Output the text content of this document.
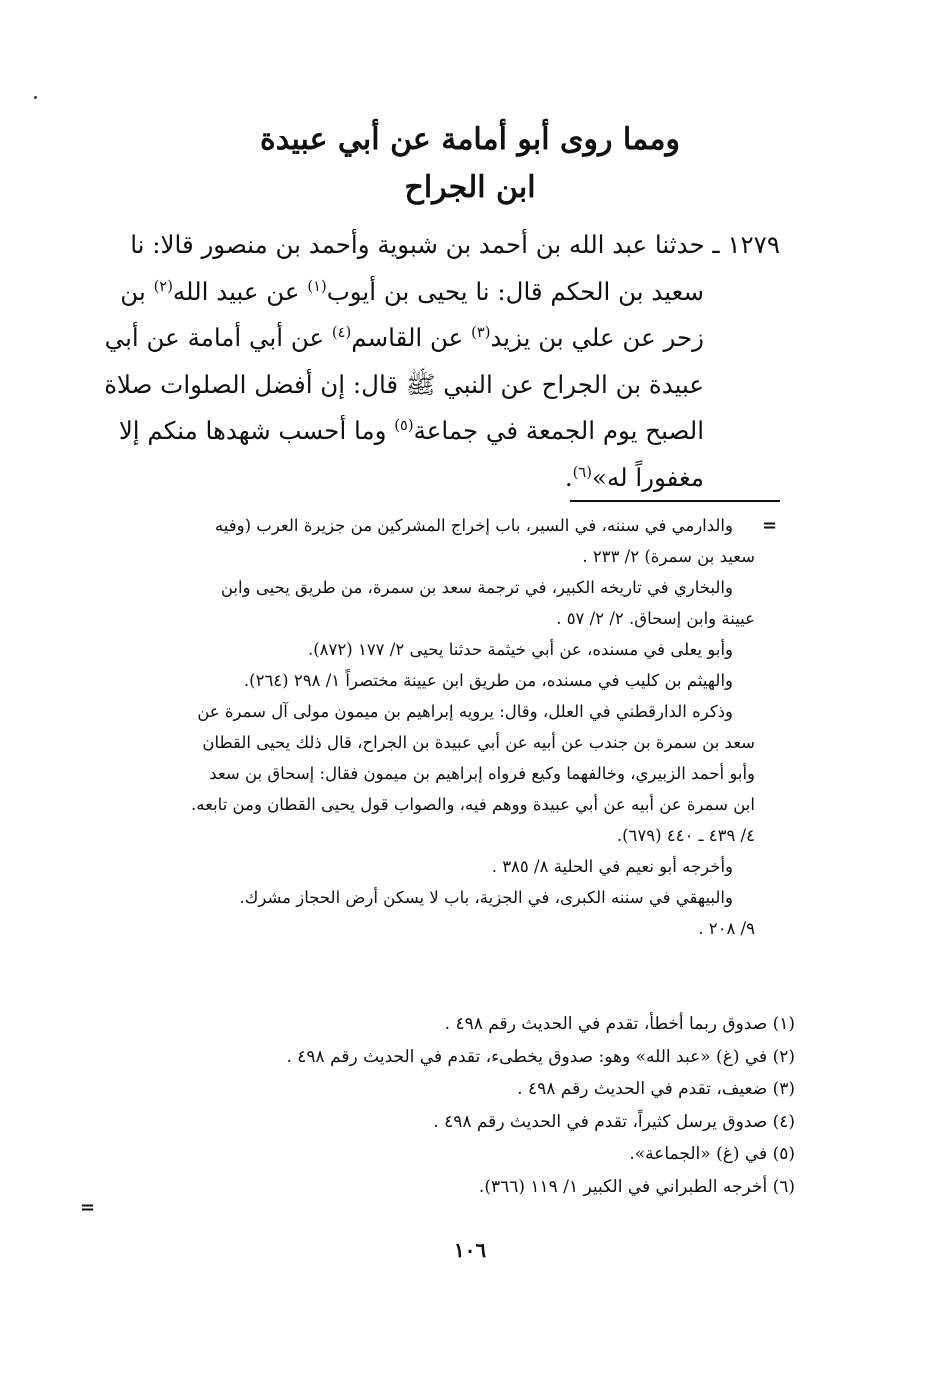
ومما روى أبو أمامة عن أبي عبيدة
ابن الجراح
١٢٧٩ ـ حدثنا عبد الله بن أحمد بن شبوية وأحمد بن منصور قالا: نا
سعيد بن الحكم قال: نا يحيى بن أيوب$^{(١)}$ عن عبيد الله$^{(٢)}$ بن
زحر عن علي بن يزيد$^{(٣)}$ عن القاسم$^{(٤)}$ عن أبي أمامة عن أبي
عبيدة بن الجراح عن النبي ﷺ قال: إن أفضل الصلوات صلاة
الصبح يوم الجمعة في جماعة$^{(٥)}$ وما أحسب شهدها منكم إلا
مغفوراً له»$^{(٦)}$.
=

والدارمي في سننه، في السير، باب إخراج المشركين من جزيرة العرب (وفيه

سعيد بن سمرة) ٢/ ٢٣٣ .

والبخاري في تاريخه الكبير، في ترجمة سعد بن سمرة، من طريق يحيى وابن

عيينة وابن إسحاق. ٢/ ٢/ ٥٧ .

وأبو يعلى في مسنده، عن أبي خيثمة حدثنا يحيى ٢/ ١٧٧ (٨٧٢).

والهيثم بن كليب في مسنده، من طريق ابن عيينة مختصراً ١/ ٢٩٨ (٢٦٤).

وذكره الدارقطني في العلل، وقال: يرويه إبراهيم بن ميمون مولى آل سمرة عن

سعد بن سمرة بن جندب عن أبيه عن أبي عبيدة بن الجراح، قال ذلك يحيى القطان

وأبو أحمد الزبيري، وخالفهما وكيع فرواه إبراهيم بن ميمون فقال: إسحاق بن سعد

ابن سمرة عن أبيه عن أبي عبيدة ووهم فيه، والصواب قول يحيى القطان ومن تابعه.

٤/ ٤٣٩ ـ ٤٤٠ (٦٧٩).

وأخرجه أبو نعيم في الحلية ٨/ ٣٨٥ .

والبيهقي في سننه الكبرى، في الجزية، باب لا يسكن أرض الحجاز مشرك.

٩/ ٢٠٨ .

(١) صدوق ربما أخطأ، تقدم في الحديث رقم ٤٩٨ .

(٢) في (غ) «عبد الله» وهو: صدوق يخطىء، تقدم في الحديث رقم ٤٩٨ .

(٣) ضعيف، تقدم في الحديث رقم ٤٩٨ .

(٤) صدوق يرسل كثيراً، تقدم في الحديث رقم ٤٩٨ .

(٥) في (غ) «الجماعة».

(٦) أخرجه الطبراني في الكبير ١/ ١١٩ (٣٦٦).

=
١٠٦
